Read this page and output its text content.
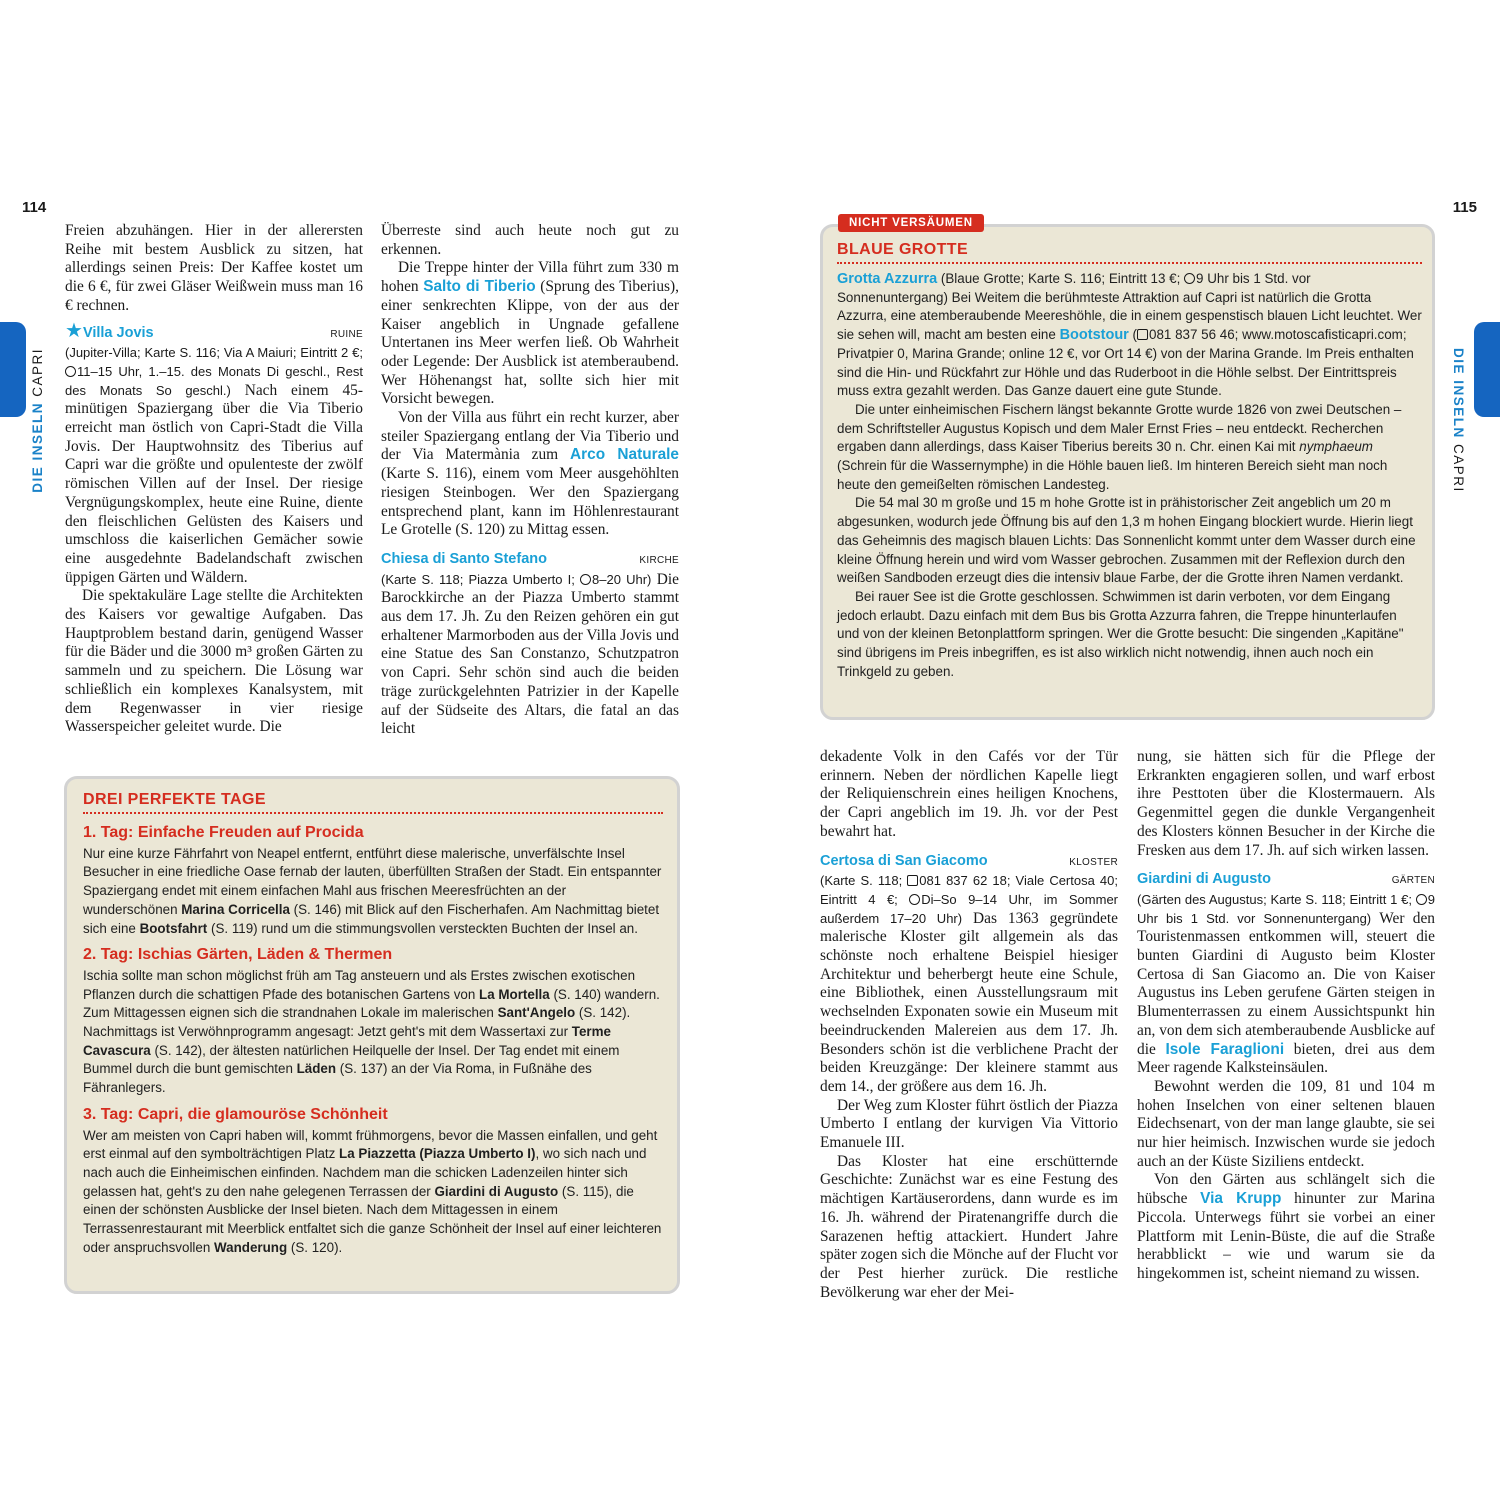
114	115
DIE INSELN CAPRI	DIE INSELN CAPRI

Freien abzuhängen. Hier in der allerersten Reihe mit bestem Ausblick zu sitzen, hat allerdings seinen Preis: Der Kaffee kostet um die 6 €, für zwei Gläser Weißwein muss man 16 € rechnen.

★Villa Jovis	RUINE

(Jupiter-Villa; Karte S. 116; Via A Maiuri; Eintritt 2 €; 11–15 Uhr, 1.–15. des Monats Di geschl., Rest des Monats So geschl.) Nach einem 45-minütigen Spaziergang über die Via Tiberio erreicht man östlich von Capri-Stadt die Villa Jovis. Der Hauptwohnsitz des Tiberius auf Capri war die größte und opulenteste der zwölf römischen Villen auf der Insel. Der riesige Vergnügungskomplex, heute eine Ruine, diente den fleischlichen Gelüsten des Kaisers und umschloss die kaiserlichen Gemächer sowie eine ausgedehnte Badelandschaft zwischen üppigen Gärten und Wäldern.

Die spektakuläre Lage stellte die Architekten des Kaisers vor gewaltige Aufgaben. Das Hauptproblem bestand darin, genügend Wasser für die Bäder und die 3000 m³ großen Gärten zu sammeln und zu speichern. Die Lösung war schließlich ein komplexes Kanalsystem, mit dem Regenwasser in vier riesige Wasserspeicher geleitet wurde. Die

Überreste sind auch heute noch gut zu erkennen.

Die Treppe hinter der Villa führt zum 330 m hohen Salto di Tiberio (Sprung des Tiberius), einer senkrechten Klippe, von der aus der Kaiser angeblich in Ungnade gefallene Untertanen ins Meer werfen ließ. Ob Wahrheit oder Legende: Der Ausblick ist atemberaubend. Wer Höhenangst hat, sollte sich hier mit Vorsicht bewegen.

Von der Villa aus führt ein recht kurzer, aber steiler Spaziergang entlang der Via Tiberio und der Via Matermània zum Arco Naturale (Karte S. 116), einem vom Meer ausgehöhlten riesigen Steinbogen. Wer den Spaziergang entsprechend plant, kann im Höhlenrestaurant Le Grotelle (S. 120) zu Mittag essen.

Chiesa di Santo Stefano	KIRCHE

(Karte S. 118; Piazza Umberto I; 8–20 Uhr) Die Barockkirche an der Piazza Umberto stammt aus dem 17. Jh. Zu den Reizen gehören ein gut erhaltener Marmorboden aus der Villa Jovis und eine Statue des San Constanzo, Schutzpatron von Capri. Sehr schön sind auch die beiden träge zurückgelehnten Patrizier in der Kapelle auf der Südseite des Altars, die fatal an das leicht

DREI PERFEKTE TAGE
1. Tag: Einfache Freuden auf Procida

Nur eine kurze Fährfahrt von Neapel entfernt, entführt diese malerische, unverfälschte Insel Besucher in eine friedliche Oase fernab der lauten, überfüllten Straßen der Stadt. Ein entspannter Spaziergang endet mit einem einfachen Mahl aus frischen Meeresfrüchten an der wunderschönen Marina Corricella (S. 146) mit Blick auf den Fischerhafen. Am Nachmittag bietet sich eine Bootsfahrt (S. 119) rund um die stimmungsvollen versteckten Buchten der Insel an.

2. Tag: Ischias Gärten, Läden & Thermen

Ischia sollte man schon möglichst früh am Tag ansteuern und als Erstes zwischen exotischen Pflanzen durch die schattigen Pfade des botanischen Gartens von La Mortella (S. 140) wandern. Zum Mittagessen eignen sich die strandnahen Lokale im malerischen Sant'Angelo (S. 142). Nachmittags ist Verwöhnprogramm angesagt: Jetzt geht's mit dem Wassertaxi zur Terme Cavascura (S. 142), der ältesten natürlichen Heilquelle der Insel. Der Tag endet mit einem Bummel durch die bunt gemischten Läden (S. 137) an der Via Roma, in Fußnähe des Fähranlegers.

3. Tag: Capri, die glamouröse Schönheit

Wer am meisten von Capri haben will, kommt frühmorgens, bevor die Massen einfallen, und geht erst einmal auf den symbolträchtigen Platz La Piazzetta (Piazza Umberto I), wo sich nach und nach auch die Einheimischen einfinden. Nachdem man die schicken Ladenzeilen hinter sich gelassen hat, geht's zu den nahe gelegenen Terrassen der Giardini di Augusto (S. 115), die einen der schönsten Ausblicke der Insel bieten. Nach dem Mittagessen in einem Terrassenrestaurant mit Meerblick entfaltet sich die ganze Schönheit der Insel auf einer leichteren oder anspruchsvollen Wanderung (S. 120).

BLAUE GROTTE

Grotta Azzurra (Blaue Grotte; Karte S. 116; Eintritt 13 €; 9 Uhr bis 1 Std. vor Sonnenuntergang) Bei Weitem die berühmteste Attraktion auf Capri ist natürlich die Grotta Azzurra, eine atemberaubende Meereshöhle, die in einem gespenstisch blauen Licht leuchtet. Wer sie sehen will, macht am besten eine Bootstour ( 081 837 56 46; www.motoscafisticapri.com; Privatpier 0, Marina Grande; online 12 €, vor Ort 14 €) von der Marina Grande. Im Preis enthalten sind die Hin- und Rückfahrt zur Höhle und das Ruderboot in die Höhle selbst. Der Eintrittspreis muss extra gezahlt werden. Das Ganze dauert eine gute Stunde.

Die unter einheimischen Fischern längst bekannte Grotte wurde 1826 von zwei Deutschen – dem Schriftsteller Augustus Kopisch und dem Maler Ernst Fries – neu entdeckt. Recherchen ergaben dann allerdings, dass Kaiser Tiberius bereits 30 n. Chr. einen Kai mit nymphaeum (Schrein für die Wassernymphe) in die Höhle bauen ließ. Im hinteren Bereich sieht man noch heute den gemeißelten römischen Landesteg.

Die 54 mal 30 m große und 15 m hohe Grotte ist in prähistorischer Zeit angeblich um 20 m abgesunken, wodurch jede Öffnung bis auf den 1,3 m hohen Eingang blockiert wurde. Hierin liegt das Geheimnis des magisch blauen Lichts: Das Sonnenlicht kommt unter dem Wasser durch eine kleine Öffnung herein und wird vom Wasser gebrochen. Zusammen mit der Reflexion durch den weißen Sandboden erzeugt dies die intensiv blaue Farbe, der die Grotte ihren Namen verdankt.

Bei rauer See ist die Grotte geschlossen. Schwimmen ist darin verboten, vor dem Eingang jedoch erlaubt. Dazu einfach mit dem Bus bis Grotta Azzurra fahren, die Treppe hinunterlaufen und von der kleinen Betonplattform springen. Wer die Grotte besucht: Die singenden „Kapitäne" sind übrigens im Preis inbegriffen, es ist also wirklich nicht notwendig, ihnen auch noch ein Trinkgeld zu geben.

NICHT VERSÄUMEN

dekadente Volk in den Cafés vor der Tür erinnern. Neben der nördlichen Kapelle liegt der Reliquienschrein eines heiligen Knochens, der Capri angeblich im 19. Jh. vor der Pest bewahrt hat.

Certosa di San Giacomo	KLOSTER

(Karte S. 118; 081 837 62 18; Viale Certosa 40; Eintritt 4 €; Di–So 9–14 Uhr, im Sommer außerdem 17–20 Uhr) Das 1363 gegründete malerische Kloster gilt allgemein als das schönste noch erhaltene Beispiel hiesiger Architektur und beherbergt heute eine Schule, eine Bibliothek, einen Ausstellungsraum mit wechselnden Exponaten sowie ein Museum mit beeindruckenden Malereien aus dem 17. Jh. Besonders schön ist die verblichene Pracht der beiden Kreuzgänge: Der kleinere stammt aus dem 14., der größere aus dem 16. Jh.

Der Weg zum Kloster führt östlich der Piazza Umberto I entlang der kurvigen Via Vittorio Emanuele III.

Das Kloster hat eine erschütternde Geschichte: Zunächst war es eine Festung des mächtigen Kartäuserordens, dann wurde es im 16. Jh. während der Piratenangriffe durch die Sarazenen heftig attackiert. Hundert Jahre später zogen sich die Mönche auf der Flucht vor der Pest hierher zurück. Die restliche Bevölkerung war eher der Mei-

nung, sie hätten sich für die Pflege der Erkrankten engagieren sollen, und warf erbost ihre Pesttoten über die Klostermauern. Als Gegenmittel gegen die dunkle Vergangenheit des Klosters können Besucher in der Kirche die Fresken aus dem 17. Jh. auf sich wirken lassen.

Giardini di Augusto	GÄRTEN

(Gärten des Augustus; Karte S. 118; Eintritt 1 €; 9 Uhr bis 1 Std. vor Sonnenuntergang) Wer den Touristenmassen entkommen will, steuert die bunten Giardini di Augusto beim Kloster Certosa di San Giacomo an. Die von Kaiser Augustus ins Leben gerufene Gärten steigen in Blumenterrassen zu einem Aussichtspunkt hin an, von dem sich atemberaubende Ausblicke auf die Isole Faraglioni bieten, drei aus dem Meer ragende Kalksteinsäulen.

Bewohnt werden die 109, 81 und 104 m hohen Inselchen von einer seltenen blauen Eidechsenart, von der man lange glaubte, sie sei nur hier heimisch. Inzwischen wurde sie jedoch auch an der Küste Siziliens entdeckt.

Von den Gärten aus schlängelt sich die hübsche Via Krupp hinunter zur Marina Piccola. Unterwegs führt sie vorbei an einer Plattform mit Lenin-Büste, die auf die Straße herabblickt – wie und warum sie da hingekommen ist, scheint niemand zu wissen.
